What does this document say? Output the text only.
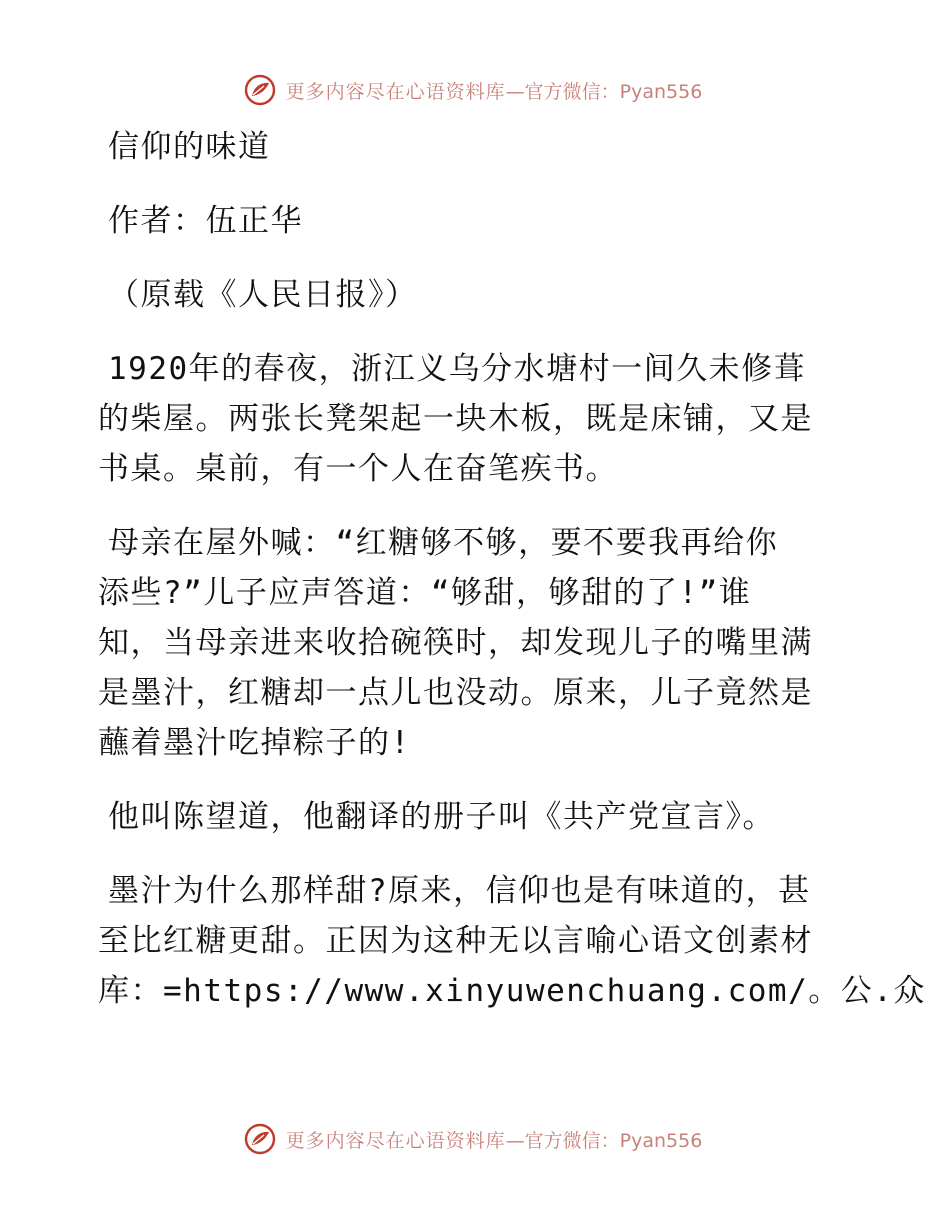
更多内容尽在心语资料库 —官方微信：Pyan556
信仰的味道
作者：伍正华
（原载《人民日报》）
1920年的春夜，浙江义乌分水塘村一间久未修葺
的柴屋。两张长凳架起一块木板，既是床铺，又是
书桌。桌前，有一个人在奋笔疾书。
母亲在屋外喊：“红糖够不够，要不要我再给你
添些?”儿子应声答道：“够甜，够甜的了!”谁
知，当母亲进来收拾碗筷时，却发现儿子的嘴里满
是墨汁，红糖却一点儿也没动。原来，儿子竟然是
蘸着墨汁吃掉粽子的!
他叫陈望道，他翻译的册子叫《共产党宣言》。
墨汁为什么那样甜?原来，信仰也是有味道的，甚
至比红糖更甜。正因为这种无以言喻心语文创素材
库：=https://www.xinyuwenchuang.com/。公.众
更多内容尽在心语资料库 —官方微信：Pyan556
